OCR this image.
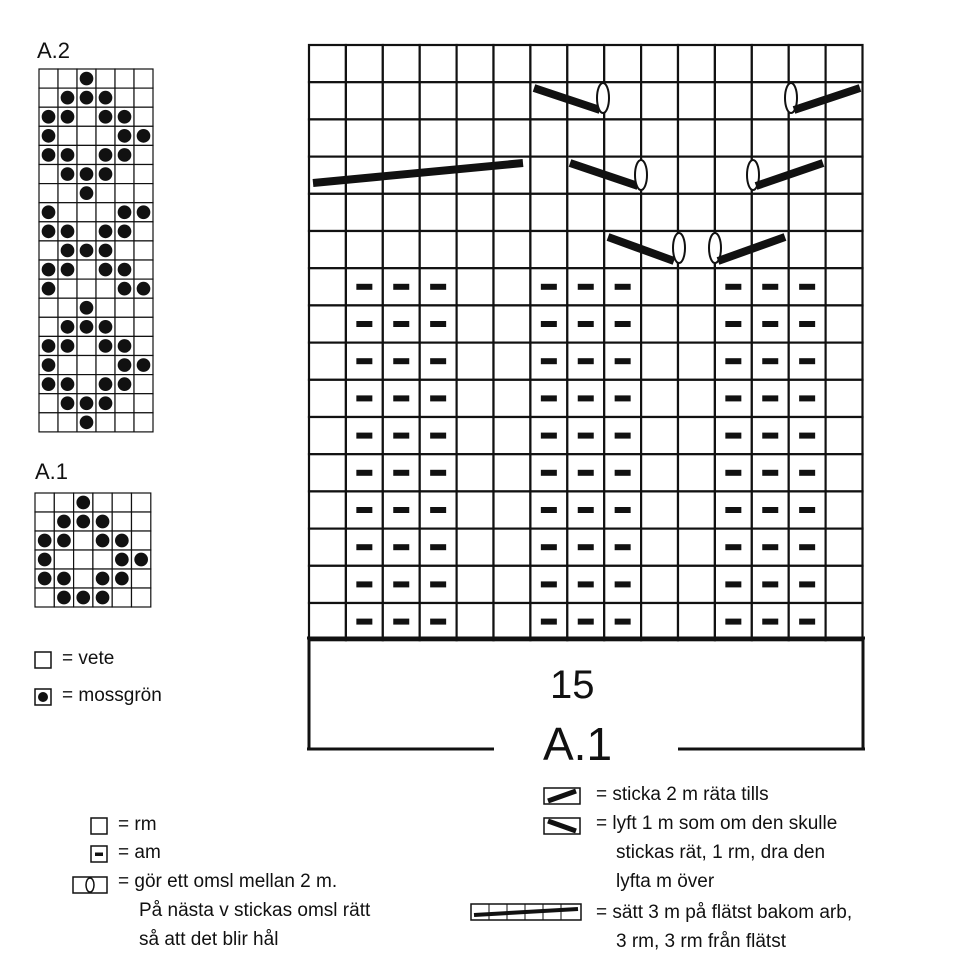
A.2
A.1
= vete
= mossgrön	15
A.1
= rm
= am
= gör ett omsl mellan 2 m.
På nästa v stickas omsl rätt
så att det blir hål
= sticka 2 m räta tills
= lyft 1 m som om den skulle
stickas rät, 1 rm, dra den
lyfta m över
= sätt 3 m på flätst bakom arb,
3 rm, 3 rm från flätst
